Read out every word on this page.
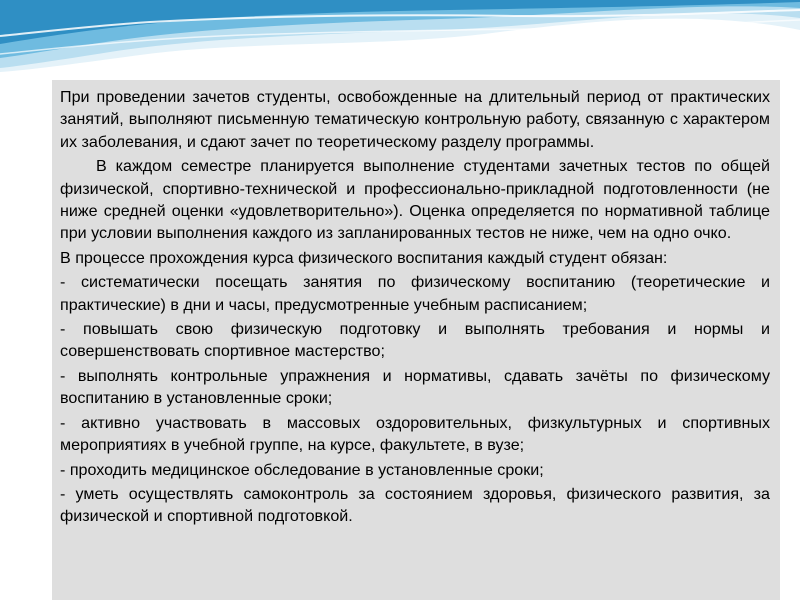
При проведении зачетов студенты, освобожденные на длительный период от практических занятий, выполняют письменную тематическую контрольную работу, связанную с характером их заболевания, и сдают зачет по теоретическому разделу программы.

В каждом семестре планируется выполнение студентами зачетных тестов по общей физической, спортивно-технической и профессионально-прикладной подготовленности (не ниже средней оценки «удовлетворительно»). Оценка определяется по нормативной таблице при условии выполнения каждого из запланированных тестов не ниже, чем на одно очко.

В процессе прохождения курса физического воспитания каждый студент обязан:

- систематически посещать занятия по физическому воспитанию (теоретические и практические) в дни и часы, предусмотренные учебным расписанием;

- повышать свою физическую подготовку и выполнять требования и нормы и совершенствовать спортивное мастерство;

- выполнять контрольные упражнения и нормативы, сдавать зачёты по физическому воспитанию в установленные сроки;

- активно участвовать в массовых оздоровительных, физкультурных и спортивных мероприятиях в учебной группе, на курсе, факультете, в вузе;

- проходить медицинское обследование в установленные сроки;

- уметь осуществлять самоконтроль за состоянием здоровья, физического развития, за физической и спортивной подготовкой.
